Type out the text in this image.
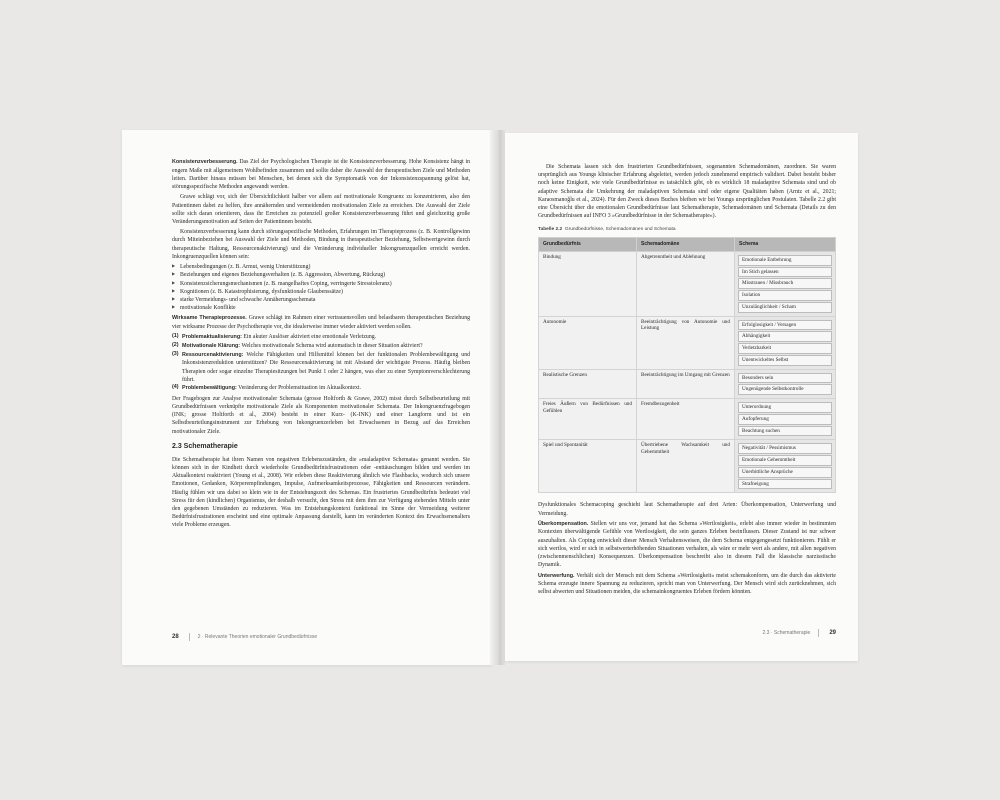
Konsistenzverbesserung. Das Ziel der Psychologischen Therapie ist die Konsistenzverbesserung. Hohe Konsistenz hängt in engem Maße mit allgemeinem Wohlbefinden zusammen und sollte daher die Auswahl der therapeutischen Ziele und Methoden leiten. Darüber hinaus müssen bei Menschen, bei denen sich die Symptomatik von der Inkonsistenzspannung gelöst hat, störungsspezifische Methoden angewandt werden.

Grawe schlägt vor, sich der Übersichtlichkeit halber vor allem auf motivationale Kongruenz zu konzentrieren, also den Patientinnen dabei zu helfen, ihre annähernden und vermeidenden motivationalen Ziele zu erreichen. Die Auswahl der Ziele sollte sich daran orientieren, dass ihr Erreichen zu potenziell großer Konsistenzverbesserung führt und gleichzeitig große Veränderungsmotivation auf Seiten der Patientinnen besteht.

Konsistenzverbesserung kann durch störungsspezifische Methoden, Erfahrungen im Therapieprozess (z. B. Kontrollgewinn durch Miteinbeziehen bei Auswahl der Ziele und Methoden, Bindung in therapeutischer Beziehung, Selbstwertgewinn durch therapeutische Haltung, Ressourcenaktivierung) und die Veränderung individueller Inkongruenzquellen erreicht werden. Inkongruenzquellen können sein:

▶ Lebensbedingungen (z. B. Armut, wenig Unterstützung)
▶ Beziehungen und eigenes Beziehungsverhalten (z. B. Aggression, Abwertung, Rückzug)
▶ Konsistenzsicherungsmechanismen (z. B. mangelhaftes Coping, verringerte Stresstoleranz)
▶ Kognitionen (z. B. Katastrophisierung, dysfunktionale Glaubenssätze)
▶ starke Vermeidungs- und schwache Annäherungsschemata
▶ motivationale Konflikte

Wirksame Therapieprozesse. Grawe schlägt im Rahmen einer vertrauensvollen und belastbaren therapeutischen Beziehung vier wirksame Prozesse der Psychotherapie vor, die idealerweise immer wieder aktiviert werden sollen.

(1) Problemaktualisierung: Ein akuter Auslöser aktiviert eine emotionale Verletzung.
(2) Motivationale Klärung: Welches motivationale Schema wird automatisch in dieser Situation aktiviert?
(3) Ressourcenaktivierung: Welche Fähigkeiten und Hilfsmittel können bei der funktionalen Problembewältigung und Inkonsistenzreduktion unterstützen? Die Ressourcenaktivierung ist mit Abstand der wichtigste Prozess. Häufig bleiben Therapien oder sogar einzelne Therapiesitzungen bei Punkt 1 oder 2 hängen, was eher zu einer Symptomverschlechterung führt.
(4) Problembewältigung: Veränderung der Problemsituation im Aktualkontext.

Der Fragebogen zur Analyse motivationaler Schemata (grosse Holtforth & Grawe, 2002) misst durch Selbstbeurteilung mit Grundbedürfnissen verknüpfte motivationale Ziele als Komponenten motivationaler Schemata. Der Inkongruenzfragebogen (INK; grosse Holtforth et al., 2004) besteht in einer Kurz- (K-INK) und einer Langform und ist ein Selbstbeurteilungsinstrument zur Erhebung von Inkongruenzerleben bei Erwachsenen in Bezug auf das Erreichen motivationaler Ziele.

2.3 Schematherapie

Die Schematherapie hat ihren Namen von negativen Erlebenszuständen, die »maladaptive Schemata« genannt werden. Sie können sich in der Kindheit durch wiederholte Grundbedürfnisfrustrationen oder -enttäuschungen bilden und werden im Aktualkontext reaktiviert (Young et al., 2008). Wir erleben diese Reaktivierung ähnlich wie Flashbacks, wodurch sich unsere Emotionen, Gedanken, Körperempfindungen, Impulse, Aufmerksamkeitsprozesse, Fähigkeiten und Ressourcen verändern. Häufig fühlen wir uns dabei so klein wie in der Entstehungszeit des Schemas. Ein frustriertes Grundbedürfnis bedeutet viel Stress für den (kindlichen) Organismus, der deshalb versucht, den Stress mit dem ihm zur Verfügung stehenden Mitteln unter den gegebenen Umständen zu reduzieren. Was im Entstehungskontext funktional im Sinne der Vermeidung weiterer Bedürfnisfrustrationen erscheint und eine optimale Anpassung darstellt, kann im veränderten Kontext des Erwachsenenalters viele Probleme erzeugen.

28	2 · Relevante Theorien emotionaler Grundbedürfnisse

Die Schemata lassen sich den frustrierten Grundbedürfnissen, sogenannten Schemadomänen, zuordnen. Sie waren ursprünglich aus Youngs klinischer Erfahrung abgeleitet, werden jedoch zunehmend empirisch validiert. Dabei besteht bisher noch keine Einigkeit, wie viele Grundbedürfnisse es tatsächlich gibt, ob es wirklich 18 maladaptive Schemata sind und ob adaptive Schemata die Umkehrung der maladaptiven Schemata sind oder eigene Qualitäten haben (Arntz et al., 2021; Karaosmanoğlu et al., 2024). Für den Zweck dieses Buches bleiben wir bei Youngs ursprünglichen Postulaten. Tabelle 2.2 gibt eine Übersicht über die emotionalen Grundbedürfnisse laut Schematherapie, Schemadomänen und Schemata (Details zu den Grundbedürfnissen auf INFO 3 »Grundbedürfnisse in der Schematherapie«).

Tabelle 2.2 Grundbedürfnisse, Schemadomänen und Schemata
Grundbedürfnis	Schemadomäne	Schema
Bindung	Abgetrenntheit und Ablehnung	Emotionale Entbehrung
Im Stich gelassen
Misstrauen / Missbrauch
Isolation
Unzulänglichkeit / Scham

Autonomie	Beeinträchtigung von Autonomie und Leistung	Erfolglosigkeit / Versagen
Abhängigkeit
Verletzbarkeit
Unentwickeltes Selbst

Realistische Grenzen	Beeinträchtigung im Umgang mit Grenzen	Besonders sein
Ungenügende Selbstkontrolle

Freies Äußern von Bedürfnissen und Gefühlen	Fremdbezogenheit	Unterordnung
Aufopferung
Beachtung suchen

Spiel und Spontanität	Übertriebene Wachsamkeit und Gehemmtheit	Negativität / Pessimismus
Emotionale Gehemmtheit
Unerbittliche Ansprüche
Strafneigung

Dysfunktionales Schemacoping geschieht laut Schematherapie auf drei Arten: Überkompensation, Unterwerfung und Vermeidung.

Überkompensation. Stellen wir uns vor, jemand hat das Schema »Wertlosigkeit«, erlebt also immer wieder in bestimmten Kontexten überwältigende Gefühle von Wertlosigkeit, die sein ganzes Erleben beeinflussen. Dieser Zustand ist nur schwer auszuhalten. Als Coping entwickelt dieser Mensch Verhaltensweisen, die dem Schema entgegengesetzt funktionieren. Fühlt er sich wertlos, wird er sich in selbstwerterhöhenden Situationen verhalten, als wäre er mehr wert als andere, mit allen negativen (zwischenmenschlichen) Konsequenzen. Überkompensation beschreibt also in diesem Fall die klassische narzisstische Dynamik.

Unterwerfung. Verhält sich der Mensch mit dem Schema »Wertlosigkeit« meist schemakonform, um die durch das aktivierte Schema erzeugte innere Spannung zu reduzieren, spricht man von Unterwerfung. Der Mensch wird sich zurücknehmen, sich selbst abwerten und Situationen meiden, die schemainkongruentes Erleben fördern könnten.

2.3 · Schematherapie	29
